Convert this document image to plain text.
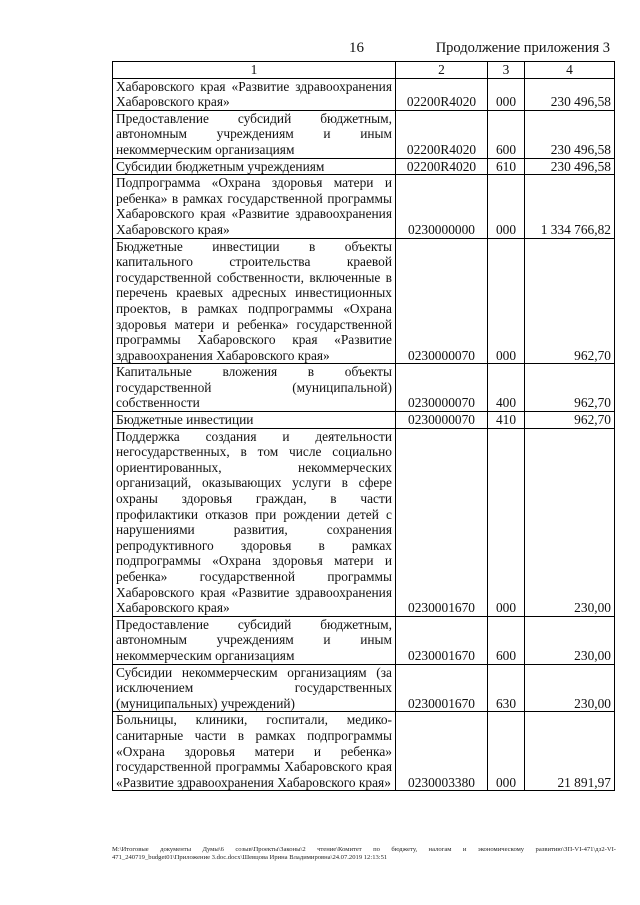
16	Продолжение приложения 3
1	2	3	4
Хабаровского края «Развитие здравоохранения Хабаровского края»	02200R4020	000	230 496,58
Предоставление субсидий бюджетным, автономным учреждениям и иным некоммерческим организациям	02200R4020	600	230 496,58
Субсидии бюджетным учреждениям	02200R4020	610	230 496,58
Подпрограмма «Охрана здоровья матери и ребенка» в рамках государственной программы Хабаровского края «Развитие здравоохранения Хабаровского края»	0230000000	000	1 334 766,82
Бюджетные инвестиции в объекты капитального строительства краевой государственной собственности, включенные в перечень краевых адресных инвестиционных проектов, в рамках подпрограммы «Охрана здоровья матери и ребенка» государственной программы Хабаровского края «Развитие здравоохранения Хабаровского края»	0230000070	000	962,70
Капитальные вложения в объекты государственной (муниципальной) собственности	0230000070	400	962,70
Бюджетные инвестиции	0230000070	410	962,70
Поддержка создания и деятельности негосударственных, в том числе социально ориентированных, некоммерческих организаций, оказывающих услуги в сфере охраны здоровья граждан, в части профилактики отказов при рождении детей с нарушениями развития, сохранения репродуктивного здоровья в рамках подпрограммы «Охрана здоровья матери и ребенка» государственной программы Хабаровского края «Развитие здравоохранения Хабаровского края»	0230001670	000	230,00
Предоставление субсидий бюджетным, автономным учреждениям и иным некоммерческим организациям	0230001670	600	230,00
Субсидии некоммерческим организациям (за исключением государственных (муниципальных) учреждений)	0230001670	630	230,00
Больницы, клиники, госпитали, медико-санитарные части в рамках подпрограммы «Охрана здоровья матери и ребенка» государственной программы Хабаровского края «Развитие здравоохранения Хабаровского края»	0230003380	000	21 891,97
M:\Итоговые документы Думы\6 созыв\Проекты\Законы\2 чтение\Комитет по бюджету, налогам и экономическому развитию\ЗП-VI-471\дз2-VI-471_240719_budget01\Приложение 3.doc.docx\Шевцова Ирина Владимировна\24.07.2019 12:13:51
